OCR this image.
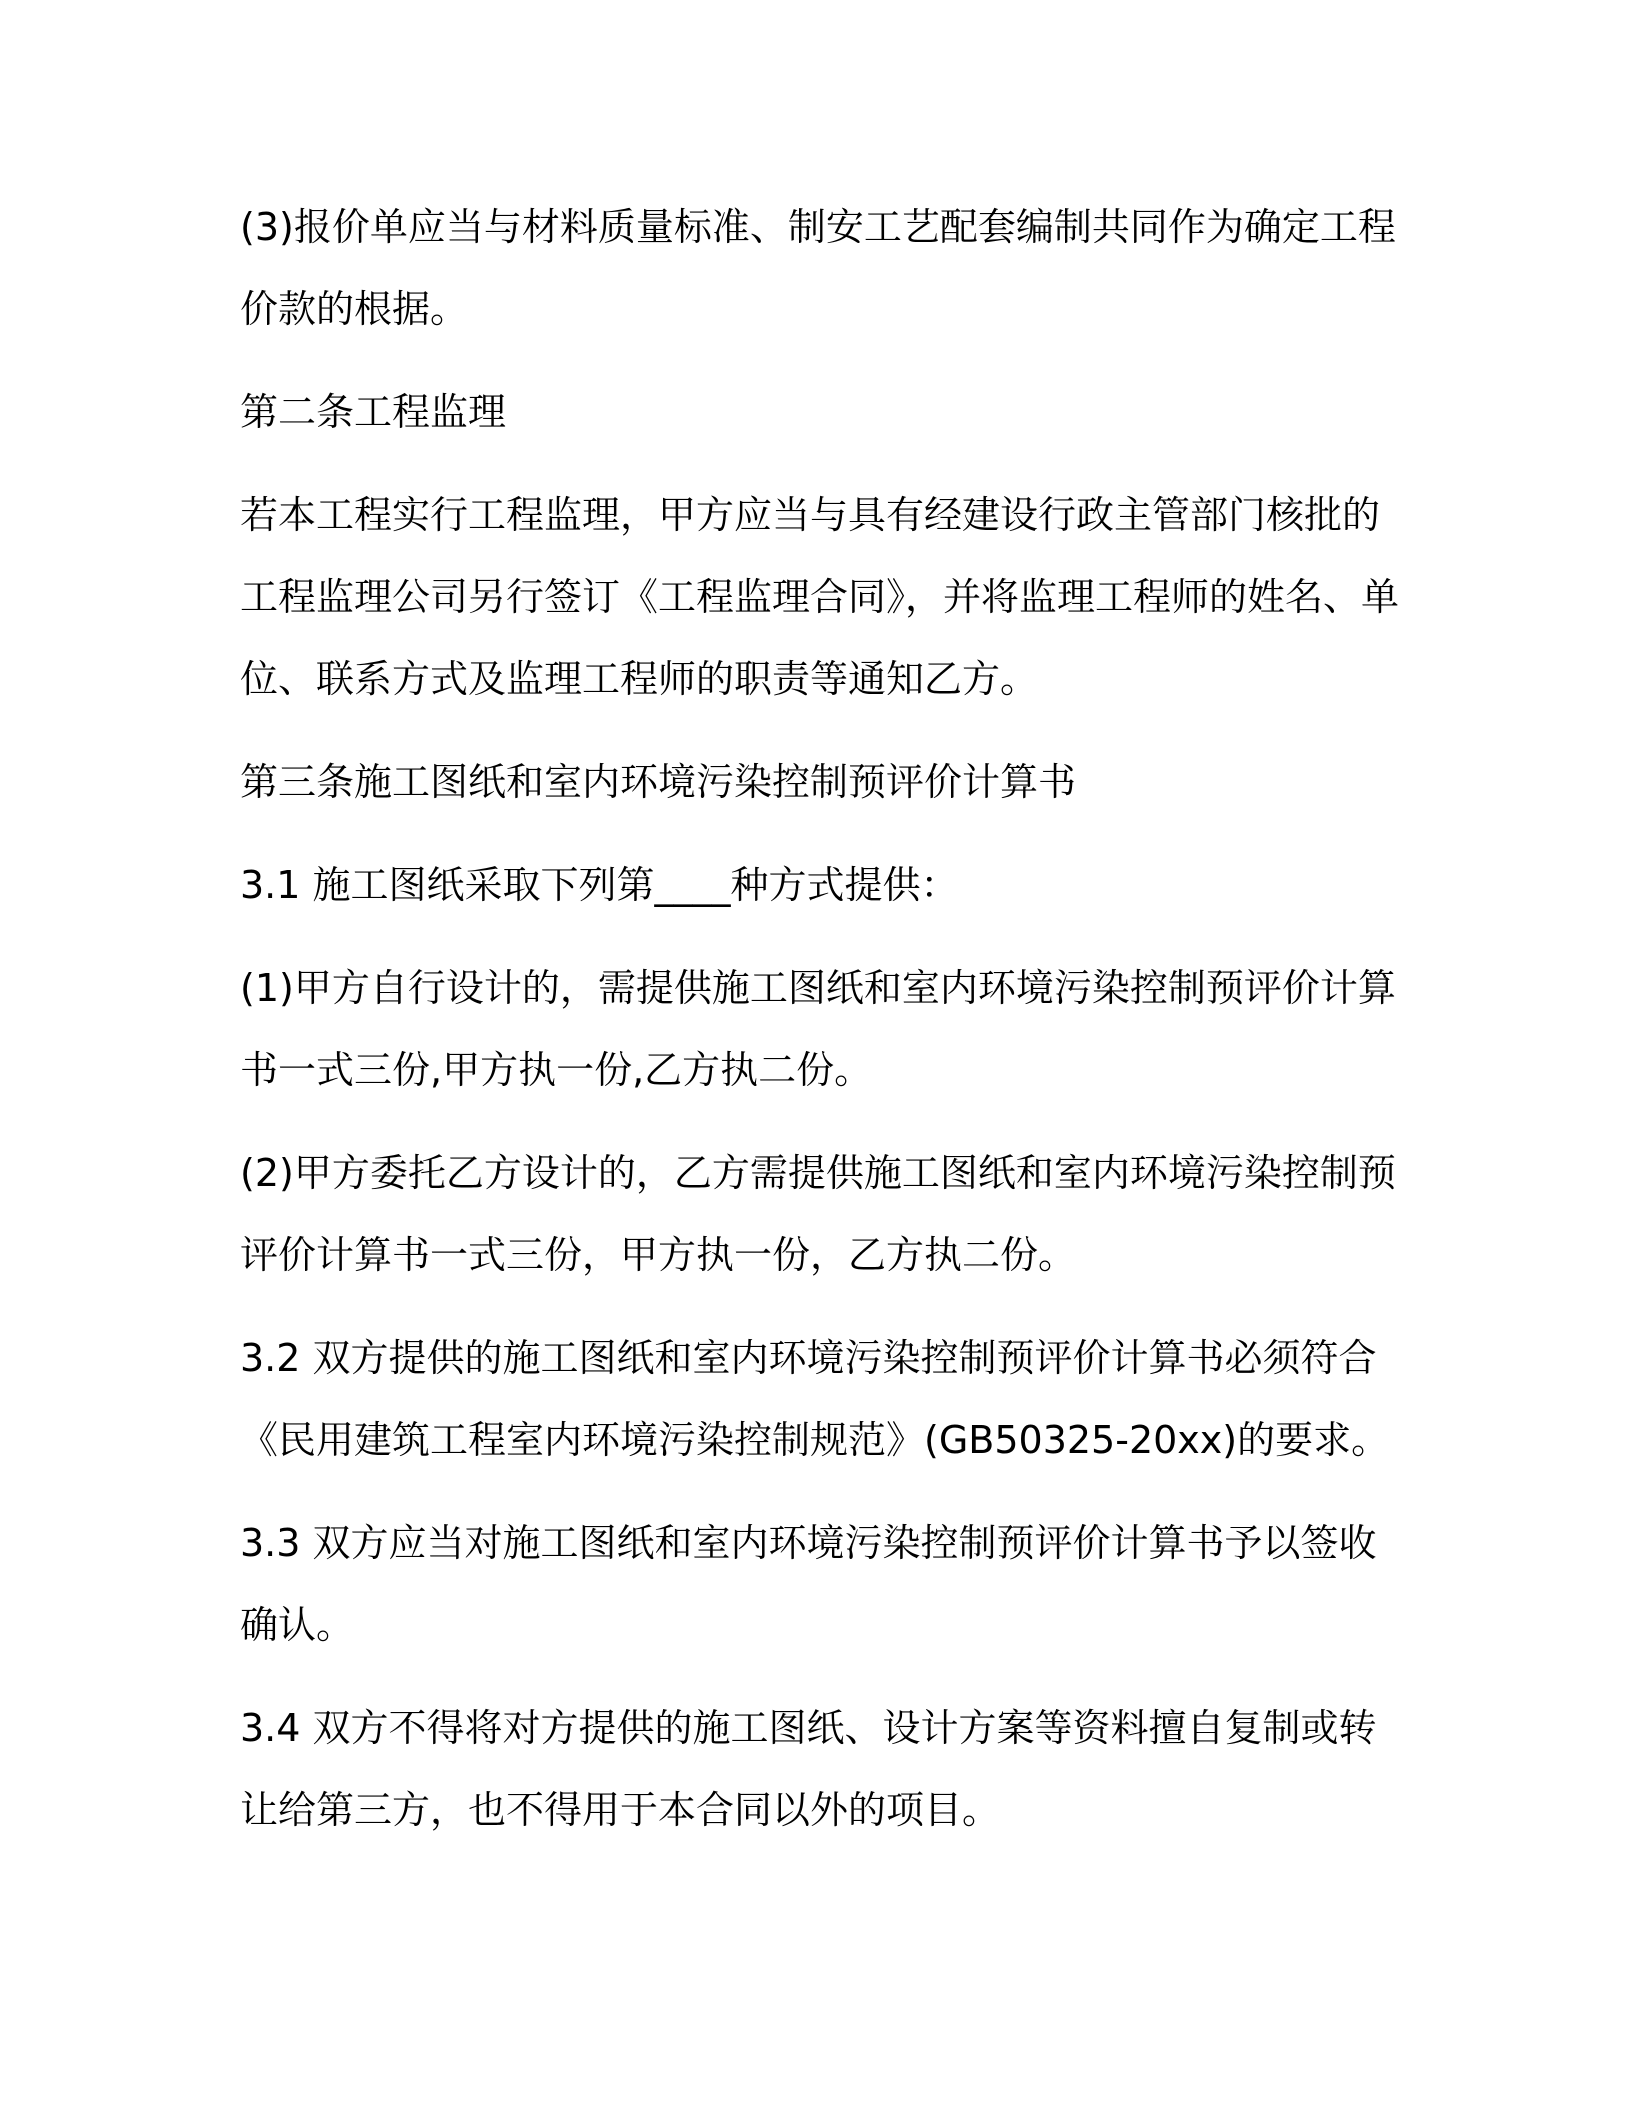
(3)报价单应当与材料质量标准、制安工艺配套编制共同作为确定工程价款的根据。

第二条工程监理

若本工程实行工程监理，甲方应当与具有经建设行政主管部门核批的工程监理公司另行签订《工程监理合同》，并将监理工程师的姓名、单位、联系方式及监理工程师的职责等通知乙方。

第三条施工图纸和室内环境污染控制预评价计算书

3.1 施工图纸采取下列第____种方式提供：

(1)甲方自行设计的，需提供施工图纸和室内环境污染控制预评价计算书一式三份,甲方执一份,乙方执二份。

(2)甲方委托乙方设计的，乙方需提供施工图纸和室内环境污染控制预评价计算书一式三份，甲方执一份，乙方执二份。

3.2 双方提供的施工图纸和室内环境污染控制预评价计算书必须符合《民用建筑工程室内环境污染控制规范》(GB50325-20xx)的要求。

3.3 双方应当对施工图纸和室内环境污染控制预评价计算书予以签收确认。

3.4 双方不得将对方提供的施工图纸、设计方案等资料擅自复制或转让给第三方，也不得用于本合同以外的项目。
